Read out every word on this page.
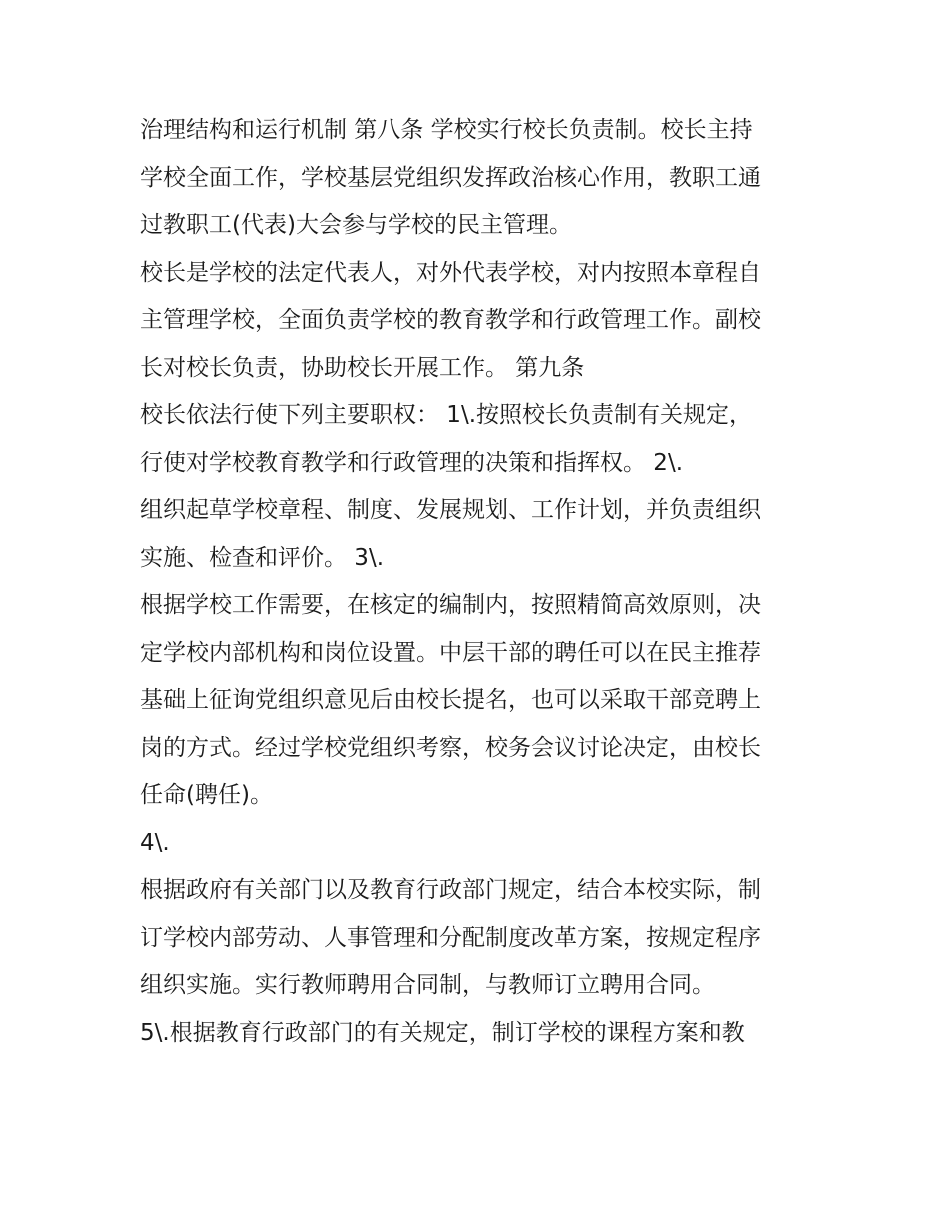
治理结构和运行机制 第八条 学校实行校长负责制。校长主持
学校全面工作，学校基层党组织发挥政治核心作用，教职工通
过教职工(代表)大会参与学校的民主管理。
校长是学校的法定代表人，对外代表学校，对内按照本章程自
主管理学校，全面负责学校的教育教学和行政管理工作。副校
长对校长负责，协助校长开展工作。 第九条
校长依法行使下列主要职权： 1\.按照校长负责制有关规定，
行使对学校教育教学和行政管理的决策和指挥权。 2\.
组织起草学校章程、制度、发展规划、工作计划，并负责组织
实施、检查和评价。 3\.
根据学校工作需要，在核定的编制内，按照精简高效原则，决
定学校内部机构和岗位设置。中层干部的聘任可以在民主推荐
基础上征询党组织意见后由校长提名，也可以采取干部竞聘上
岗的方式。经过学校党组织考察，校务会议讨论决定，由校长
任命(聘任)。
4\.
根据政府有关部门以及教育行政部门规定，结合本校实际，制
订学校内部劳动、人事管理和分配制度改革方案，按规定程序
组织实施。实行教师聘用合同制，与教师订立聘用合同。
5\.根据教育行政部门的有关规定，制订学校的课程方案和教
